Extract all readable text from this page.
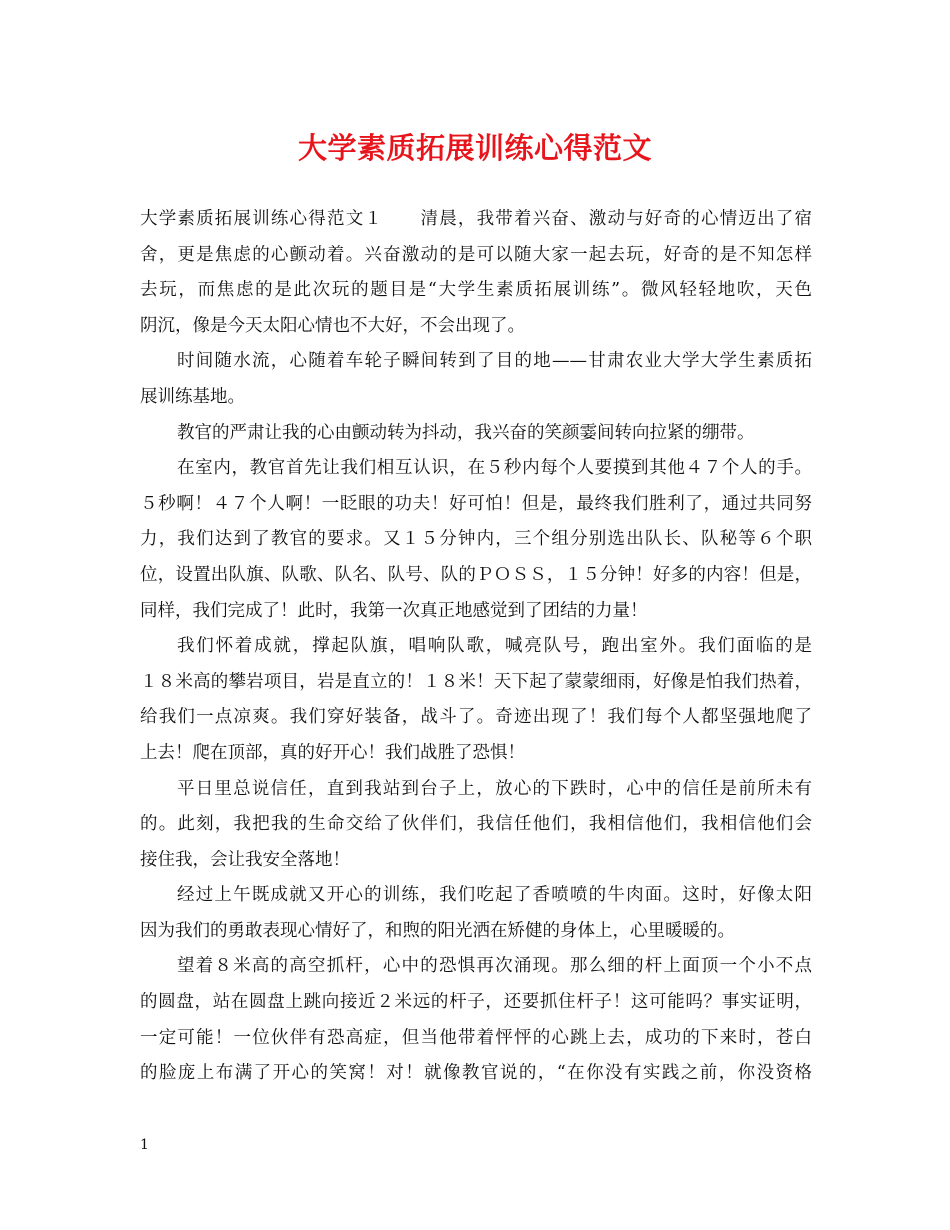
大学素质拓展训练心得范文
大学素质拓展训练心得范文１　　清晨，我带着兴奋、激动与好奇的心情迈出了宿
舍，更是焦虑的心颤动着。兴奋激动的是可以随大家一起去玩，好奇的是不知怎样
去玩，而焦虑的是此次玩的题目是“大学生素质拓展训练”。微风轻轻地吹，天色
阴沉，像是今天太阳心情也不大好，不会出现了。
时间随水流，心随着车轮子瞬间转到了目的地——甘肃农业大学大学生素质拓
展训练基地。
教官的严肃让我的心由颤动转为抖动，我兴奋的笑颜霎间转向拉紧的绷带。
在室内，教官首先让我们相互认识，在５秒内每个人要摸到其他４７个人的手。
５秒啊！４７个人啊！一眨眼的功夫！好可怕！但是，最终我们胜利了，通过共同努
力，我们达到了教官的要求。又１５分钟内，三个组分别选出队长、队秘等６个职
位，设置出队旗、队歌、队名、队号、队的ＰＯＳＳ，１５分钟！好多的内容！但是，
同样，我们完成了！此时，我第一次真正地感觉到了团结的力量！
我们怀着成就，撑起队旗，唱响队歌，喊亮队号，跑出室外。我们面临的是
１８米高的攀岩项目，岩是直立的！１８米！天下起了蒙蒙细雨，好像是怕我们热着，
给我们一点凉爽。我们穿好装备，战斗了。奇迹出现了！我们每个人都坚强地爬了
上去！爬在顶部，真的好开心！我们战胜了恐惧！
平日里总说信任，直到我站到台子上，放心的下跌时，心中的信任是前所未有
的。此刻，我把我的生命交给了伙伴们，我信任他们，我相信他们，我相信他们会
接住我，会让我安全落地！
经过上午既成就又开心的训练，我们吃起了香喷喷的牛肉面。这时，好像太阳
因为我们的勇敢表现心情好了，和煦的阳光洒在矫健的身体上，心里暖暖的。
望着８米高的高空抓杆，心中的恐惧再次涌现。那么细的杆上面顶一个小不点
的圆盘，站在圆盘上跳向接近２米远的杆子，还要抓住杆子！这可能吗？事实证明，
一定可能！一位伙伴有恐高症，但当他带着怦怦的心跳上去，成功的下来时，苍白
的脸庞上布满了开心的笑窝！对！就像教官说的，“在你没有实践之前，你没资格
1
